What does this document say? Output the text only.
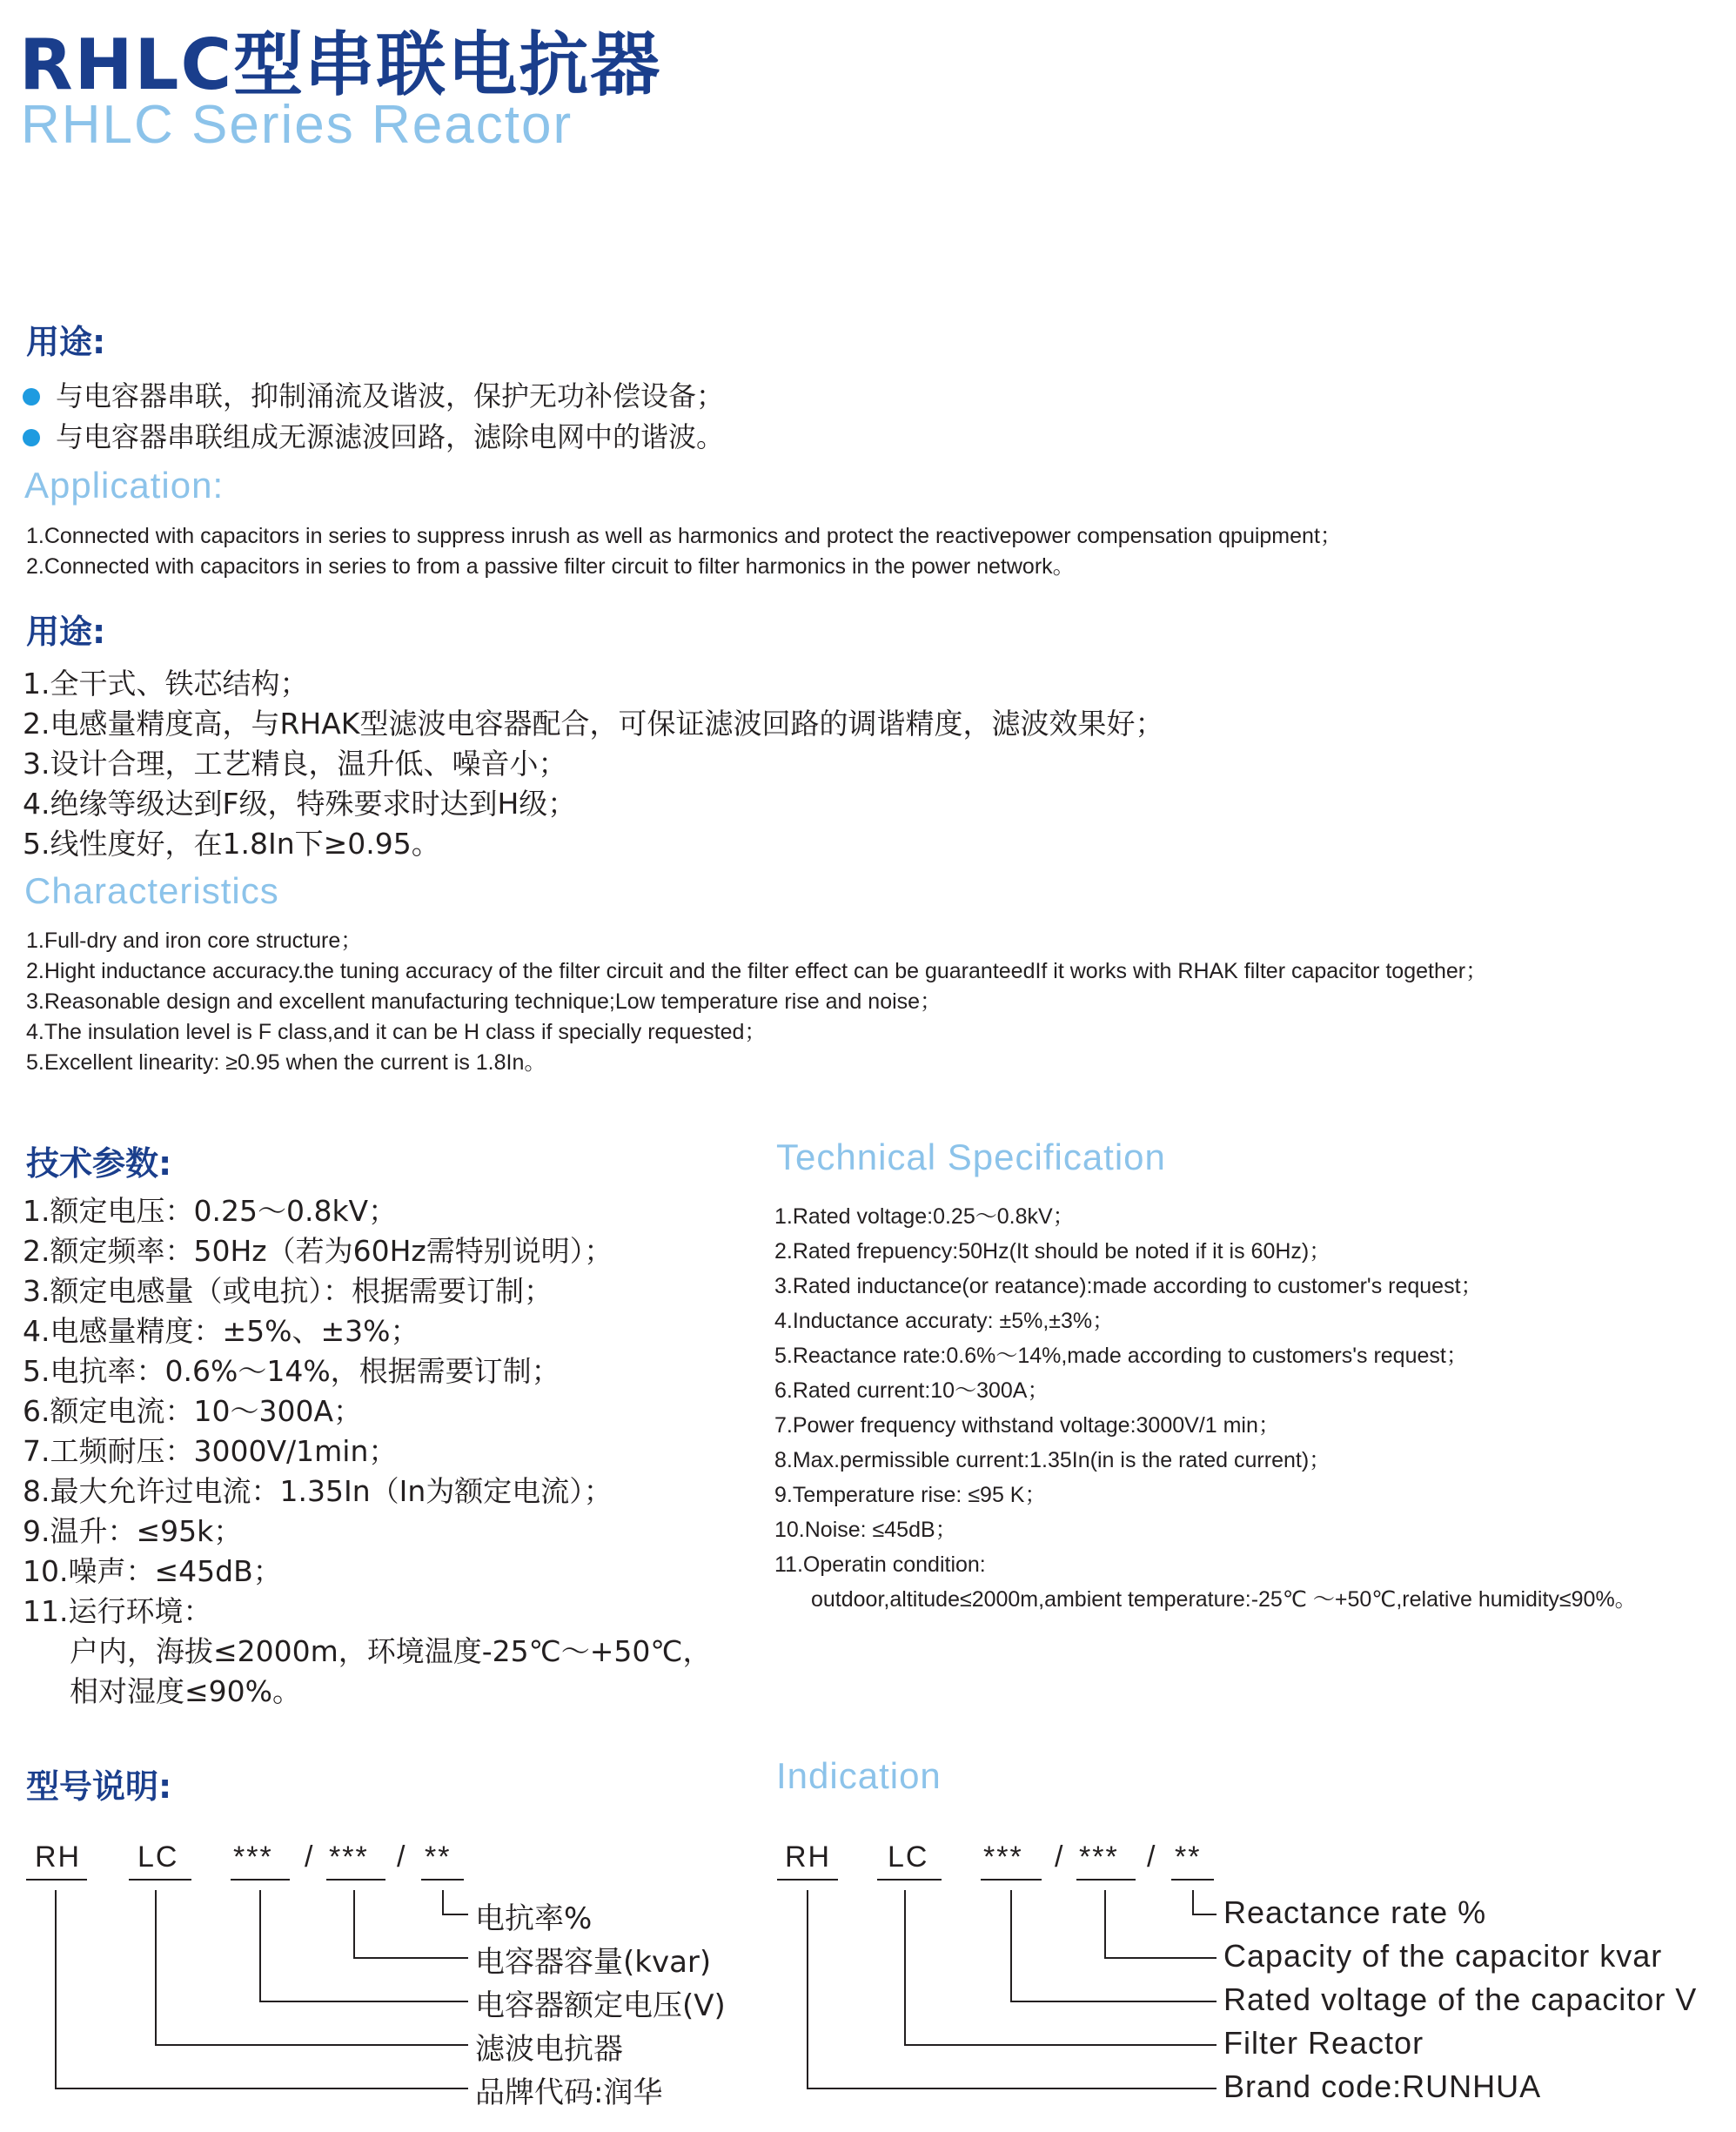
RHLC型串联电抗器
RHLC Series Reactor
用途:
与电容器串联，抑制涌流及谐波，保护无功补偿设备；
与电容器串联组成无源滤波回路，滤除电网中的谐波。
Application:
1.Connected with capacitors in series to suppress inrush as well as harmonics and protect the reactivepower compensation qpuipment；
2.Connected with capacitors in series to from a passive filter circuit to filter harmonics in the power network。
用途:
1.全干式、铁芯结构；
2.电感量精度高，与RHAK型滤波电容器配合，可保证滤波回路的调谐精度，滤波效果好；
3.设计合理，工艺精良，温升低、噪音小；
4.绝缘等级达到F级，特殊要求时达到H级；
5.线性度好，在1.8In下≥0.95。
Characteristics
1.Full-dry and iron core structure；
2.Hight inductance accuracy.the tuning accuracy of the filter circuit and the filter effect can be guaranteedIf it works with RHAK filter capacitor together；
3.Reasonable design and excellent manufacturing technique;Low temperature rise and noise；
4.The insulation level is F class,and it can be H class if specially requested；
5.Excellent linearity: ≥0.95 when the current is 1.8In。
技术参数:
1.额定电压：0.25～0.8kV；
2.额定频率：50Hz（若为60Hz需特别说明）；
3.额定电感量（或电抗）：根据需要订制；
4.电感量精度：±5%、±3%；
5.电抗率：0.6%～14%，根据需要订制；
6.额定电流：10～300A；
7.工频耐压：3000V/1min；
8.最大允许过电流：1.35In（In为额定电流）；
9.温升：≤95k；
10.噪声：≤45dB；
11.运行环境：
户内，海拔≤2000m，环境温度-25℃～+50℃，
相对湿度≤90%。
Technical Specification
1.Rated voltage:0.25～0.8kV；
2.Rated frepuency:50Hz(It should be noted if it is 60Hz)；
3.Rated inductance(or reatance):made according to customer's request；
4.Inductance accuraty: ±5%,±3%；
5.Reactance rate:0.6%～14%,made according to customers's request；
6.Rated current:10～300A；
7.Power frequency withstand voltage:3000V/1 min；
8.Max.permissible current:1.35In(in is the rated current)；
9.Temperature rise: ≤95 K；
10.Noise: ≤45dB；
11.Operatin condition:
outdoor,altitude≤2000m,ambient temperature:-25℃ ～+50℃,relative humidity≤90%。
型号说明:	Indication
RH LC *** / *** / **
电抗率%
电容器容量(kvar)
电容器额定电压(V)
滤波电抗器
品牌代码:润华
RH LC *** / *** / **
Reactance rate %
Capacity of the capacitor kvar
Rated voltage of the capacitor V
Filter Reactor
Brand code:RUNHUA
